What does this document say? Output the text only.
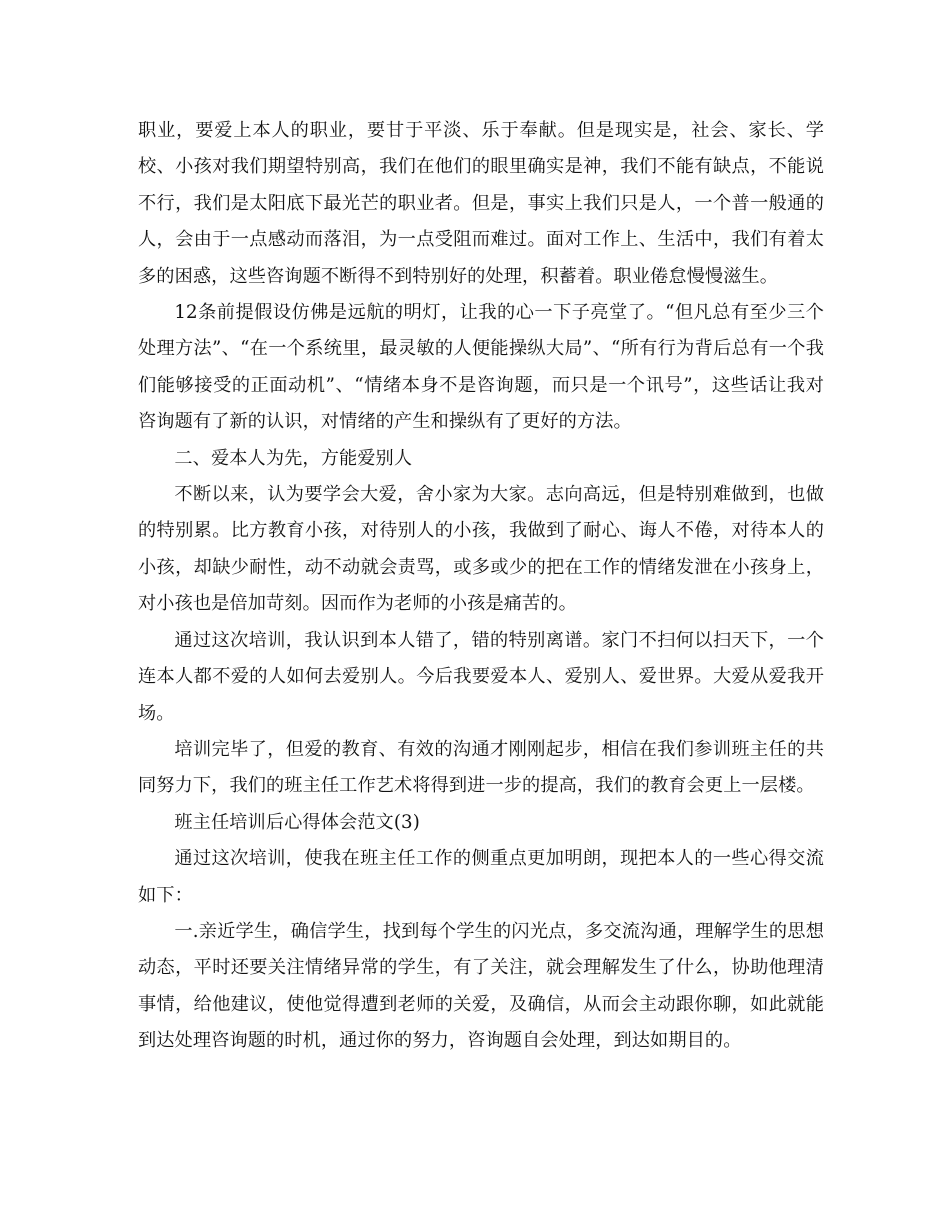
职业，要爱上本人的职业，要甘于平淡、乐于奉献。但是现实是，社会、家长、学校、小孩对我们期望特别高，我们在他们的眼里确实是神，我们不能有缺点，不能说不行，我们是太阳底下最光芒的职业者。但是，事实上我们只是人，一个普一般通的人，会由于一点感动而落泪，为一点受阻而难过。面对工作上、生活中，我们有着太多的困惑，这些咨询题不断得不到特别好的处理，积蓄着。职业倦怠慢慢滋生。

12条前提假设仿佛是远航的明灯，让我的心一下子亮堂了。“但凡总有至少三个处理方法”、“在一个系统里，最灵敏的人便能操纵大局”、“所有行为背后总有一个我们能够接受的正面动机”、“情绪本身不是咨询题，而只是一个讯号”，这些话让我对咨询题有了新的认识，对情绪的产生和操纵有了更好的方法。

二、爱本人为先，方能爱别人

不断以来，认为要学会大爱，舍小家为大家。志向高远，但是特别难做到，也做的特别累。比方教育小孩，对待别人的小孩，我做到了耐心、诲人不倦，对待本人的小孩，却缺少耐性，动不动就会责骂，或多或少的把在工作的情绪发泄在小孩身上，对小孩也是倍加苛刻。因而作为老师的小孩是痛苦的。

通过这次培训，我认识到本人错了，错的特别离谱。家门不扫何以扫天下，一个连本人都不爱的人如何去爱别人。今后我要爱本人、爱别人、爱世界。大爱从爱我开场。

培训完毕了，但爱的教育、有效的沟通才刚刚起步，相信在我们参训班主任的共同努力下，我们的班主任工作艺术将得到进一步的提高，我们的教育会更上一层楼。

班主任培训后心得体会范文(3)

通过这次培训，使我在班主任工作的侧重点更加明朗，现把本人的一些心得交流如下：

一.亲近学生，确信学生，找到每个学生的闪光点，多交流沟通，理解学生的思想动态，平时还要关注情绪异常的学生，有了关注，就会理解发生了什么，协助他理清事情，给他建议，使他觉得遭到老师的关爱，及确信，从而会主动跟你聊，如此就能到达处理咨询题的时机，通过你的努力，咨询题自会处理，到达如期目的。
